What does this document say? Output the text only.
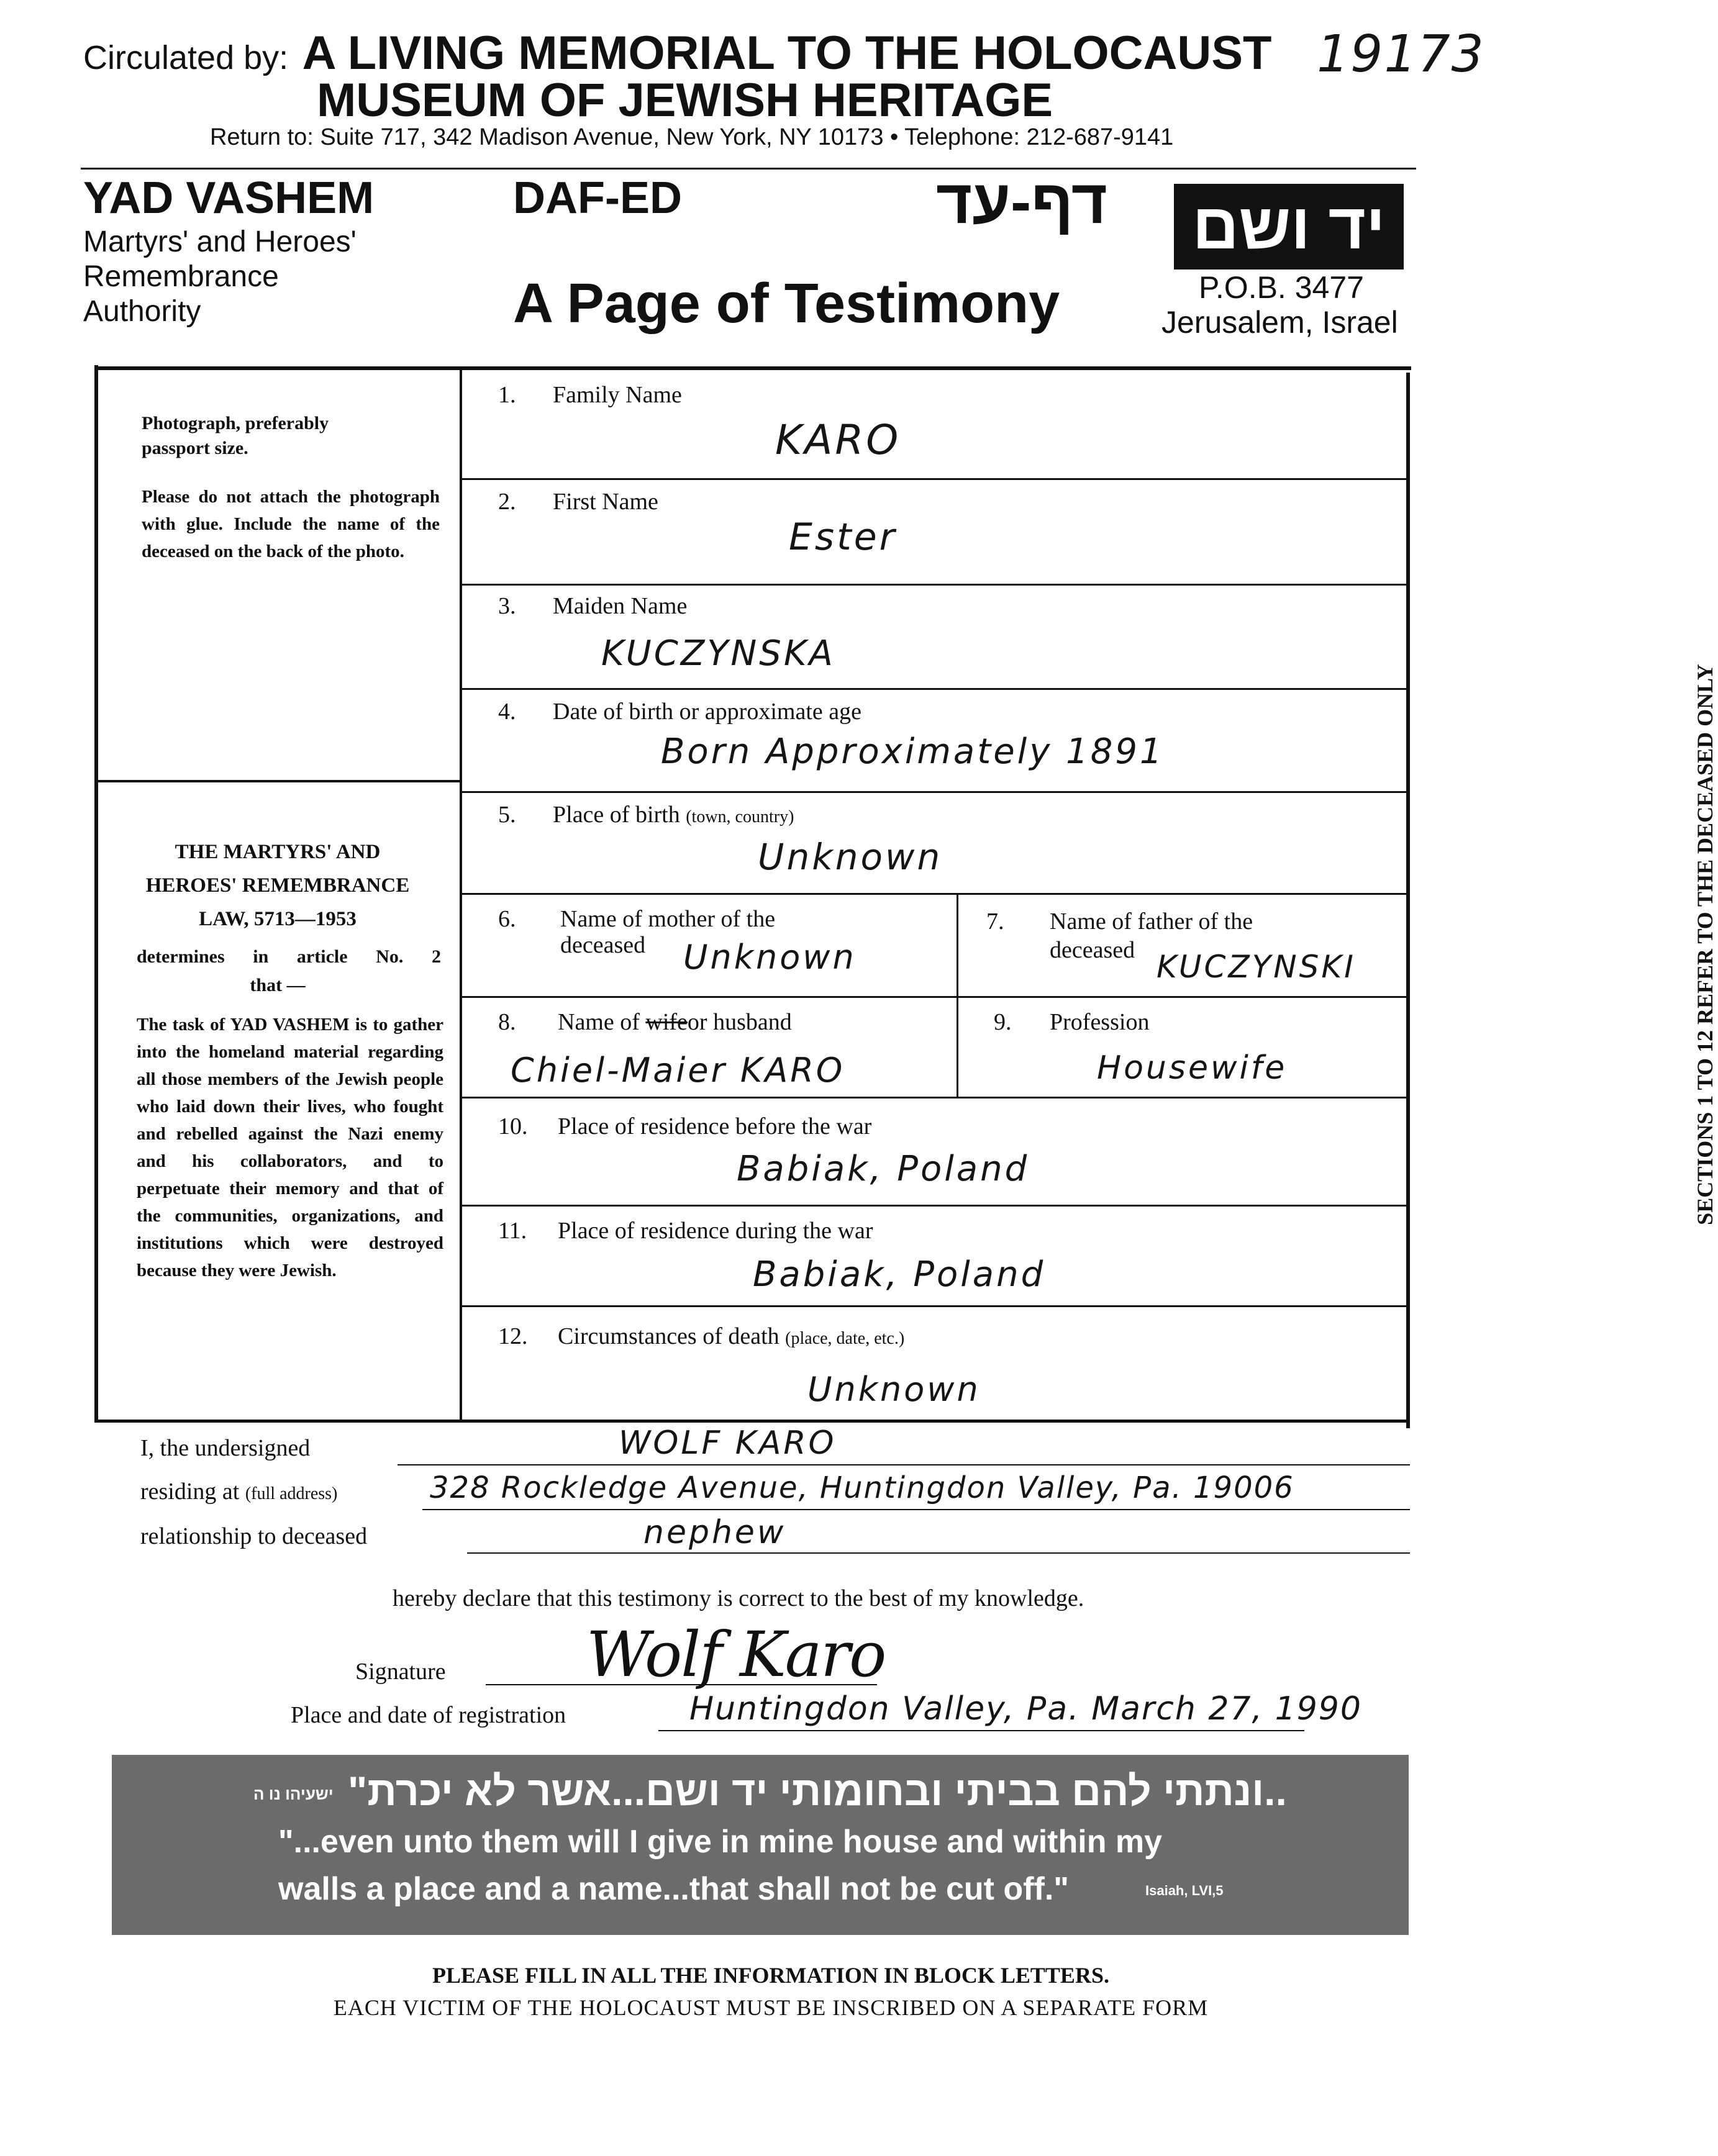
Circulated by: A LIVING MEMORIAL TO THE HOLOCAUST
MUSEUM OF JEWISH HERITAGE
Return to: Suite 717, 342 Madison Avenue, New York, NY 10173 • Telephone: 212-687-9141
19173
YAD VASHEM
Martyrs' and Heroes'
Remembrance
Authority
DAF-ED
A Page of Testimony
דף-עד יד ושם
P.O.B. 3477
Jerusalem, Israel
Photograph, preferably passport size.
Please do not attach the photograph with glue. Include the name of the deceased on the back of the photo.
THE MARTYRS' AND
HEROES' REMEMBRANCE
LAW, 5713—1953
determines in article No. 2
that —
The task of YAD VASHEM is to gather into the homeland material regarding all those members of the Jewish people who laid down their lives, who fought and rebelled against the Nazi enemy and his collaborators, and to perpetuate their memory and that of the communities, organizations, and institutions which were destroyed because they were Jewish.
SECTIONS 1 TO 12 REFER TO THE DECEASED ONLY
1. Family Name
KARO
2. First Name
Ester
3. Maiden Name
KUCZYNSKA
4. Date of birth or approximate age
Born Approximately 1891
5. Place of birth (town, country)
Unknown
6. Name of mother of the
deceased Unknown
7. Name of father of the
deceased KUCZYNSKI
8. Name of wifeor husband
Chiel-Maier KARO
9. Profession
Housewife
10. Place of residence before the war
Babiak, Poland
11. Place of residence during the war
Babiak, Poland
12. Circumstances of death (place, date, etc.)
Unknown
I, the undersigned	WOLF KARO
residing at (full address)	328 Rockledge Avenue, Huntingdon Valley, Pa. 19006
relationship to deceased	nephew
hereby declare that this testimony is correct to the best of my knowledge.
Signature Wolf Karo
Place and date of registration	Huntingdon Valley, Pa. March 27, 1990
ישעיהו נו ה ..ונתתי להם בביתי ובחומותי יד ושם...אשר לא יכרת"
"...even unto them will I give in mine house and within my
walls a place and a name...that shall not be cut off."	Isaiah, LVI,5
PLEASE FILL IN ALL THE INFORMATION IN BLOCK LETTERS.
EACH VICTIM OF THE HOLOCAUST MUST BE INSCRIBED ON A SEPARATE FORM
